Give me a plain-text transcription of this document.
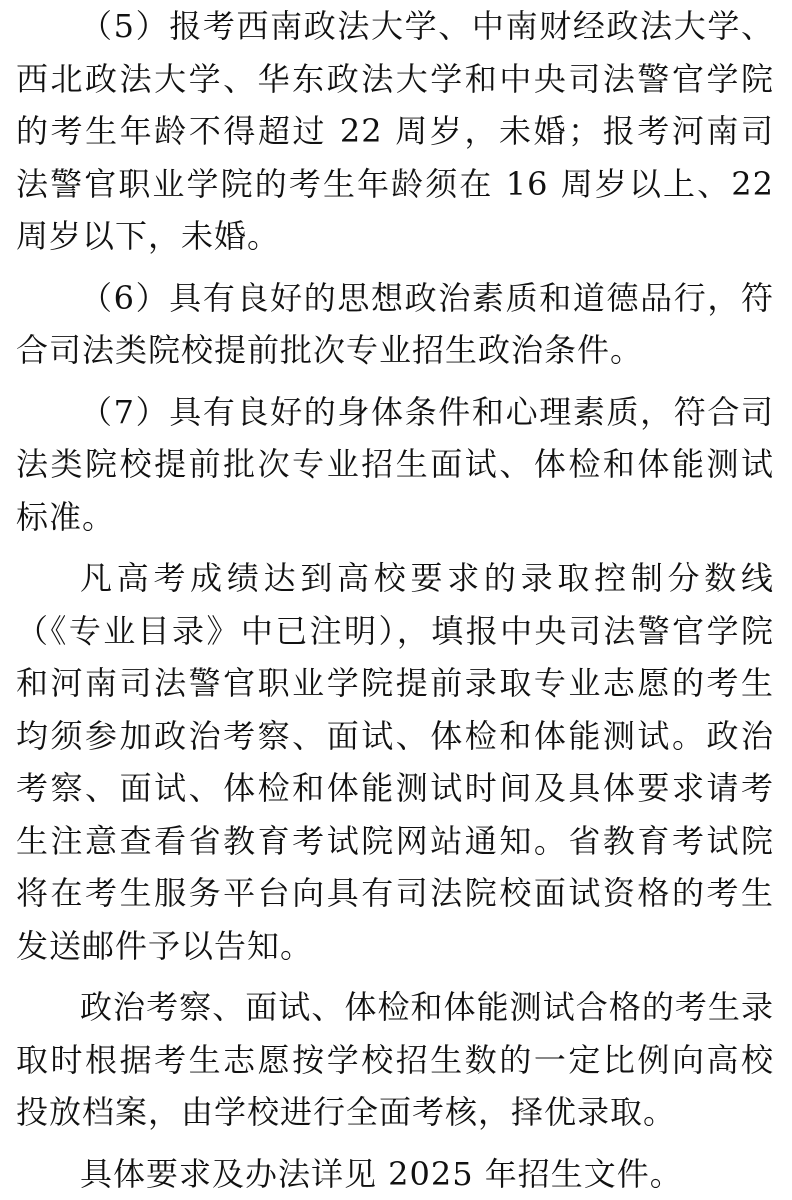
（5）报考西南政法大学、中南财经政法大学、西北政法大学、华东政法大学和中央司法警官学院的考生年龄不得超过 22 周岁，未婚；报考河南司法警官职业学院的考生年龄须在 16 周岁以上、22 周岁以下，未婚。

（6）具有良好的思想政治素质和道德品行，符合司法类院校提前批次专业招生政治条件。

（7）具有良好的身体条件和心理素质，符合司法类院校提前批次专业招生面试、体检和体能测试标准。

凡高考成绩达到高校要求的录取控制分数线（《专业目录》中已注明），填报中央司法警官学院和河南司法警官职业学院提前录取专业志愿的考生均须参加政治考察、面试、体检和体能测试。政治考察、面试、体检和体能测试时间及具体要求请考生注意查看省教育考试院网站通知。省教育考试院将在考生服务平台向具有司法院校面试资格的考生发送邮件予以告知。

政治考察、面试、体检和体能测试合格的考生录取时根据考生志愿按学校招生数的一定比例向高校投放档案，由学校进行全面考核，择优录取。

具体要求及办法详见 2025 年招生文件。
